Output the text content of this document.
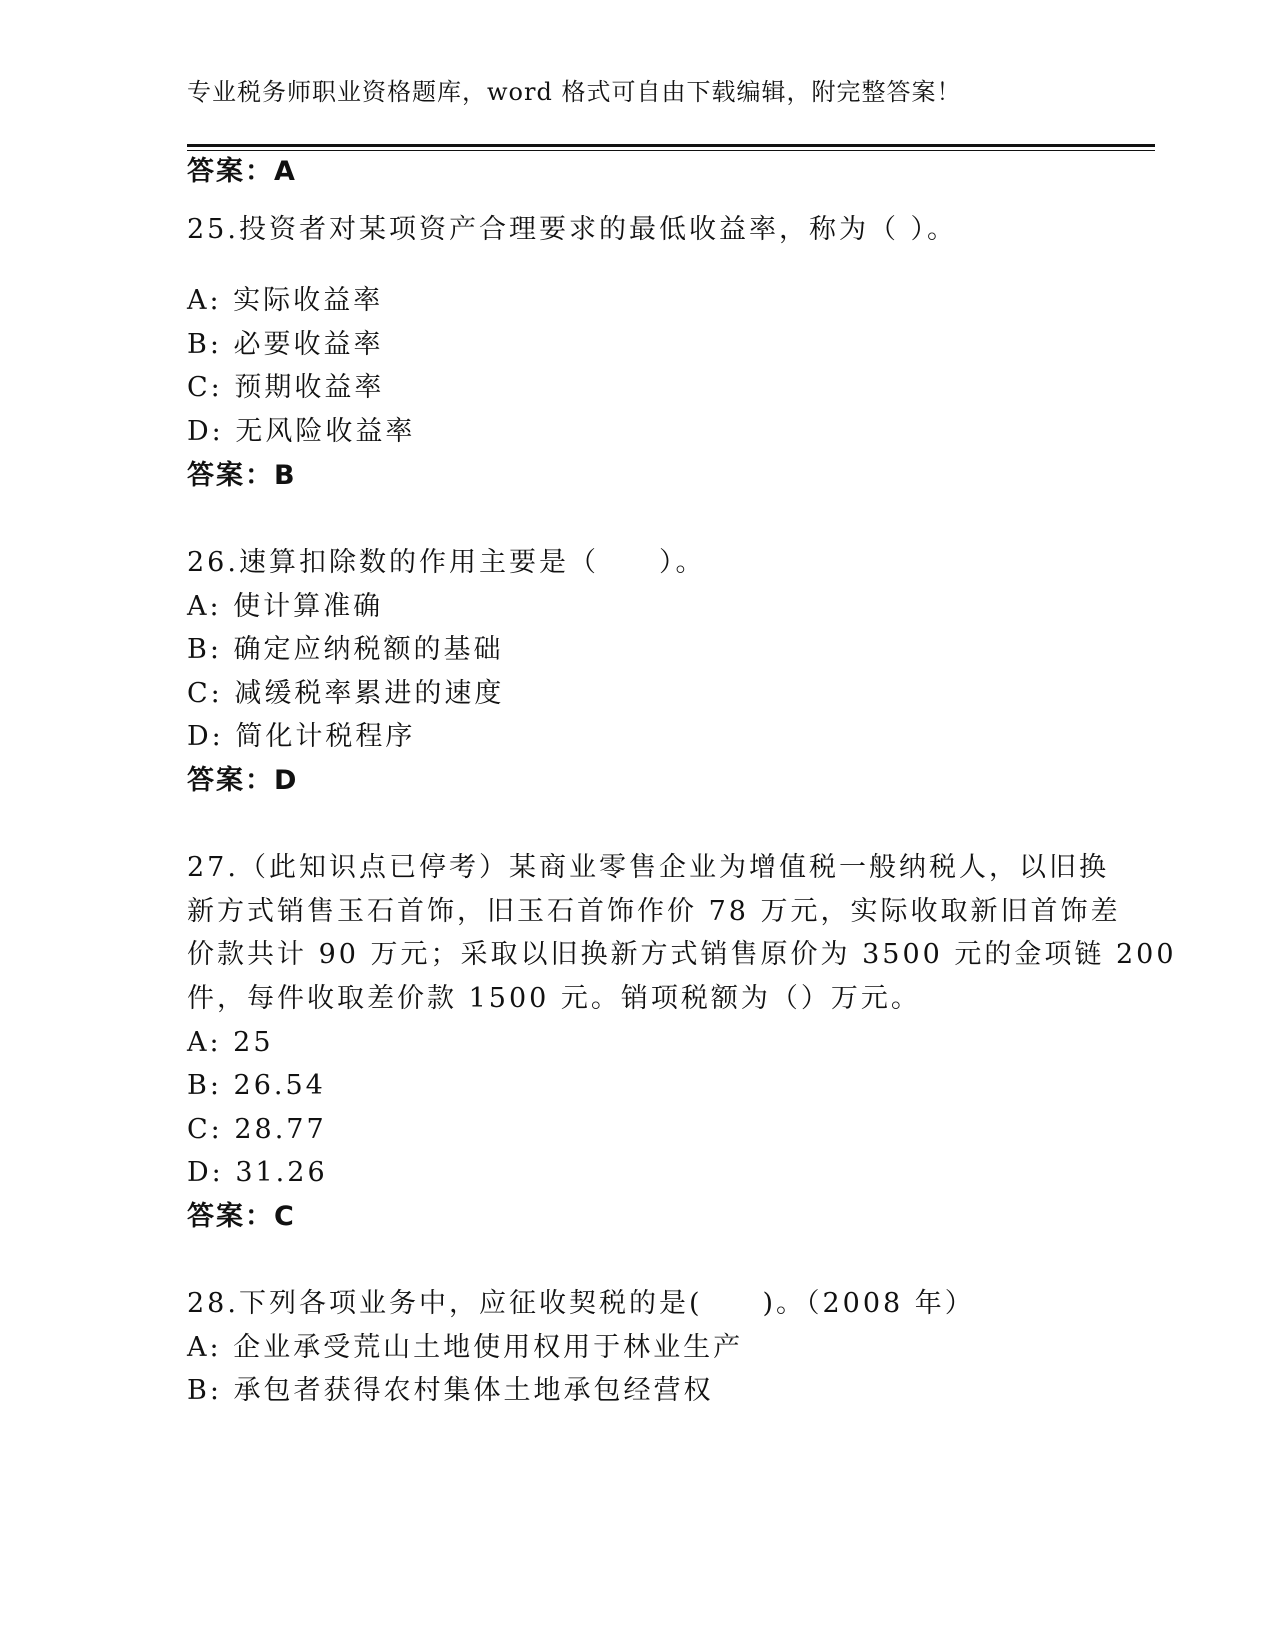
专业税务师职业资格题库，word 格式可自由下载编辑，附完整答案！
答案：A
25.投资者对某项资产合理要求的最低收益率，称为（ ）。
A: 实际收益率
B: 必要收益率
C: 预期收益率
D: 无风险收益率
答案：B
26.速算扣除数的作用主要是（　　）。
A: 使计算准确
B: 确定应纳税额的基础
C: 减缓税率累进的速度
D: 简化计税程序
答案：D
27.（此知识点已停考）某商业零售企业为增值税一般纳税人，以旧换
新方式销售玉石首饰，旧玉石首饰作价 78 万元，实际收取新旧首饰差
价款共计 90 万元；采取以旧换新方式销售原价为 3500 元的金项链 200
件，每件收取差价款 1500 元。销项税额为（）万元。
A: 25
B: 26.54
C: 28.77
D: 31.26
答案：C
28.下列各项业务中，应征收契税的是(　　)。（2008 年）
A: 企业承受荒山土地使用权用于林业生产
B: 承包者获得农村集体土地承包经营权
